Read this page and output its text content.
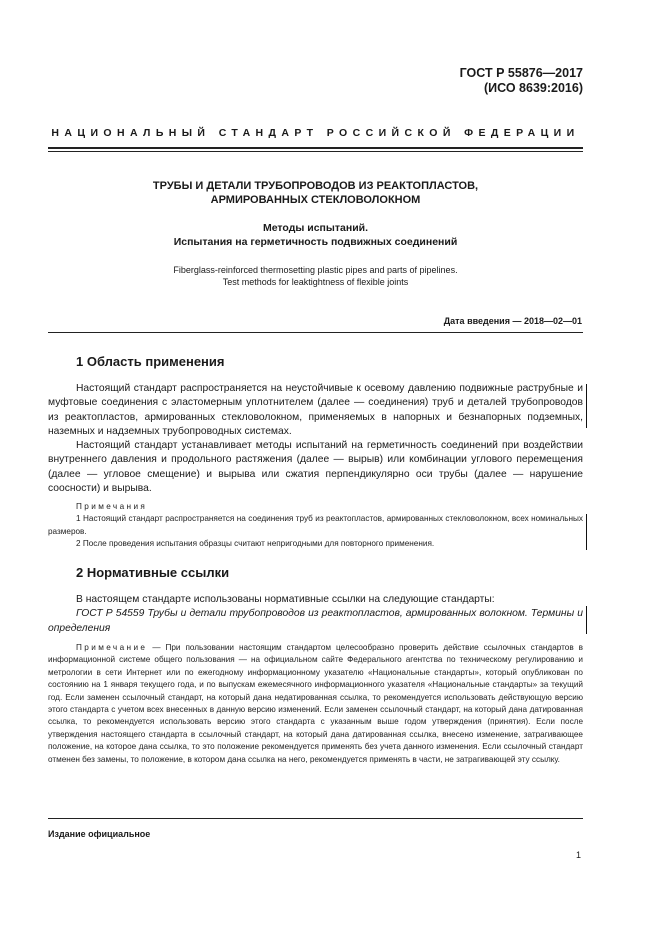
ГОСТ Р 55876—2017
(ИСО 8639:2016)
НАЦИОНАЛЬНЫЙ СТАНДАРТ РОССИЙСКОЙ ФЕДЕРАЦИИ
ТРУБЫ И ДЕТАЛИ ТРУБОПРОВОДОВ ИЗ РЕАКТОПЛАСТОВ,
АРМИРОВАННЫХ СТЕКЛОВОЛОКНОМ
Методы испытаний.
Испытания на герметичность подвижных соединений
Fiberglass-reinforced thermosetting plastic pipes and parts of pipelines.
Test methods for leaktightness of flexible joints
Дата введения — 2018—02—01
1 Область применения

Настоящий стандарт распространяется на неустойчивые к осевому давлению подвижные раструбные и муфтовые соединения с эластомерным уплотнителем (далее — соединения) труб и деталей трубопроводов из реактопластов, армированных стекловолокном, применяемых в напорных и безнапорных подземных, наземных и надземных трубопроводных системах.

Настоящий стандарт устанавливает методы испытаний на герметичность соединений при воздействии внутреннего давления и продольного растяжения (далее — вырыв) или комбинации углового перемещения (далее — угловое смещение) и вырыва или сжатия перпендикулярно оси трубы (далее — нарушение соосности) и вырыва.

Примечания

1 Настоящий стандарт распространяется на соединения труб из реактопластов, армированных стекловолокном, всех номинальных размеров.

2 После проведения испытания образцы считают непригодными для повторного применения.

2 Нормативные ссылки

В настоящем стандарте использованы нормативные ссылки на следующие стандарты:

ГОСТ Р 54559 Трубы и детали трубопроводов из реактопластов, армированных волокном. Термины и определения

Примечание — При пользовании настоящим стандартом целесообразно проверить действие ссылочных стандартов в информационной системе общего пользования — на официальном сайте Федерального агентства по техническому регулированию и метрологии в сети Интернет или по ежегодному информационному указателю «Национальные стандарты», который опубликован по состоянию на 1 января текущего года, и по выпускам ежемесячного информационного указателя «Национальные стандарты» за текущий год. Если заменен ссылочный стандарт, на который дана недатированная ссылка, то рекомендуется использовать действующую версию этого стандарта с учетом всех внесенных в данную версию изменений. Если заменен ссылочный стандарт, на который дана датированная ссылка, то рекомендуется использовать версию этого стандарта с указанным выше годом утверждения (принятия). Если после утверждения настоящего стандарта в ссылочный стандарт, на который дана датированная ссылка, внесено изменение, затрагивающее положение, на которое дана ссылка, то это положение рекомендуется применять без учета данного изменения. Если ссылочный стандарт отменен без замены, то положение, в котором дана ссылка на него, рекомендуется применять в части, не затрагивающей эту ссылку.

Издание официальное
1
